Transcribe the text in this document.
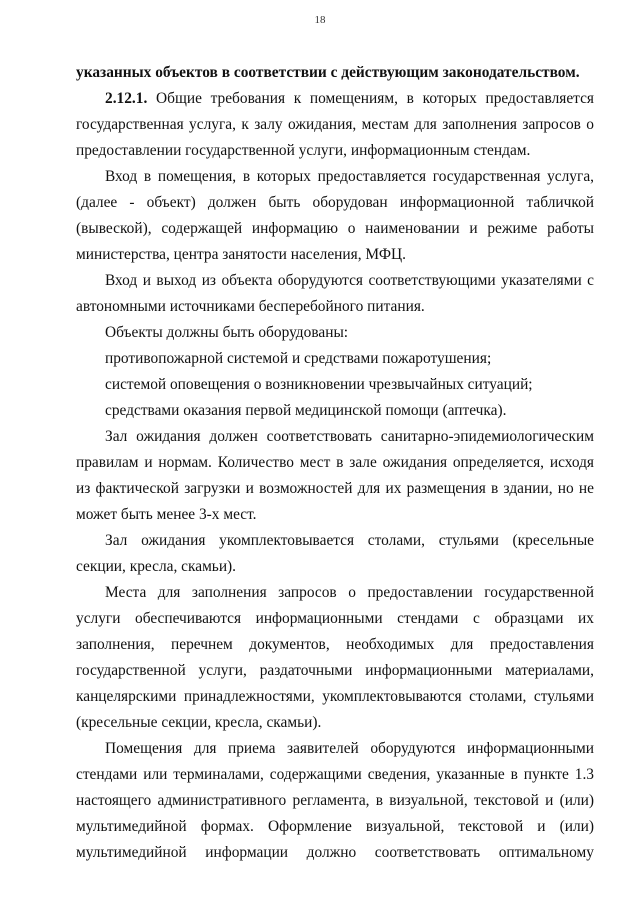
18

указанных объектов в соответствии с действующим законодательством.

2.12.1. Общие требования к помещениям, в которых предоставляется государственная услуга, к залу ожидания, местам для заполнения запросов о предоставлении государственной услуги, информационным стендам.

Вход в помещения, в которых предоставляется государственная услуга, (далее - объект) должен быть оборудован информационной табличкой (вывеской), содержащей информацию о наименовании и режиме работы министерства, центра занятости населения, МФЦ.

Вход и выход из объекта оборудуются соответствующими указателями с автономными источниками бесперебойного питания.

Объекты должны быть оборудованы:

противопожарной системой и средствами пожаротушения;

системой оповещения о возникновении чрезвычайных ситуаций;

средствами оказания первой медицинской помощи (аптечка).

Зал ожидания должен соответствовать санитарно-эпидемиологическим правилам и нормам. Количество мест в зале ожидания определяется, исходя из фактической загрузки и возможностей для их размещения в здании, но не может быть менее 3-х мест.

Зал ожидания укомплектовывается столами, стульями (кресельные секции, кресла, скамьи).

Места для заполнения запросов о предоставлении государственной услуги обеспечиваются информационными стендами с образцами их заполнения, перечнем документов, необходимых для предоставления государственной услуги, раздаточными информационными материалами, канцелярскими принадлежностями, укомплектовываются столами, стульями (кресельные секции, кресла, скамьи).

Помещения для приема заявителей оборудуются информационными стендами или терминалами, содержащими сведения, указанные в пункте 1.3 настоящего административного регламента, в визуальной, текстовой и (или) мультимедийной формах. Оформление визуальной, текстовой и (или) мультимедийной информации должно соответствовать оптимальному
